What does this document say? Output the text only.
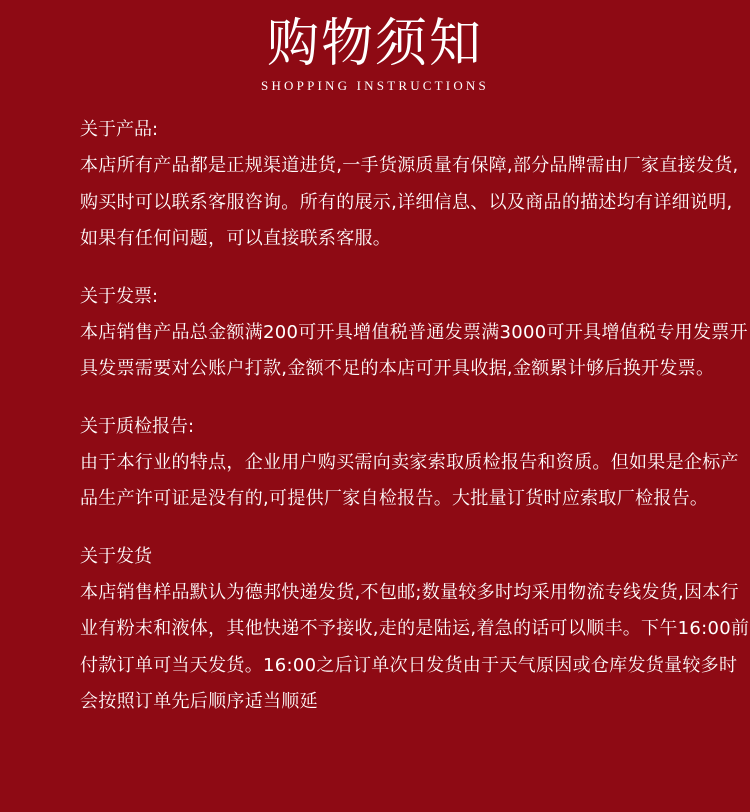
购物须知
SHOPPING INSTRUCTIONS
关于产品:

本店所有产品都是正规渠道进货,一手货源质量有保障,部分品牌需由厂家直接发货,购买时可以联系客服咨询。所有的展示,详细信息、以及商品的描述均有详细说明,如果有任何问题，可以直接联系客服。

关于发票:

本店销售产品总金额满200可开具增值税普通发票满3000可开具增值税专用发票开具发票需要对公账户打款,金额不足的本店可开具收据,金额累计够后换开发票。

关于质检报告:

由于本行业的特点，企业用户购买需向卖家索取质检报告和资质。但如果是企标产品生产许可证是没有的,可提供厂家自检报告。大批量订货时应索取厂检报告。

关于发货

本店销售样品默认为德邦快递发货,不包邮;数量较多时均采用物流专线发货,因本行业有粉末和液体，其他快递不予接收,走的是陆运,着急的话可以顺丰。下午16:00前付款订单可当天发货。16:00之后订单次日发货由于天气原因或仓库发货量较多时会按照订单先后顺序适当顺延
